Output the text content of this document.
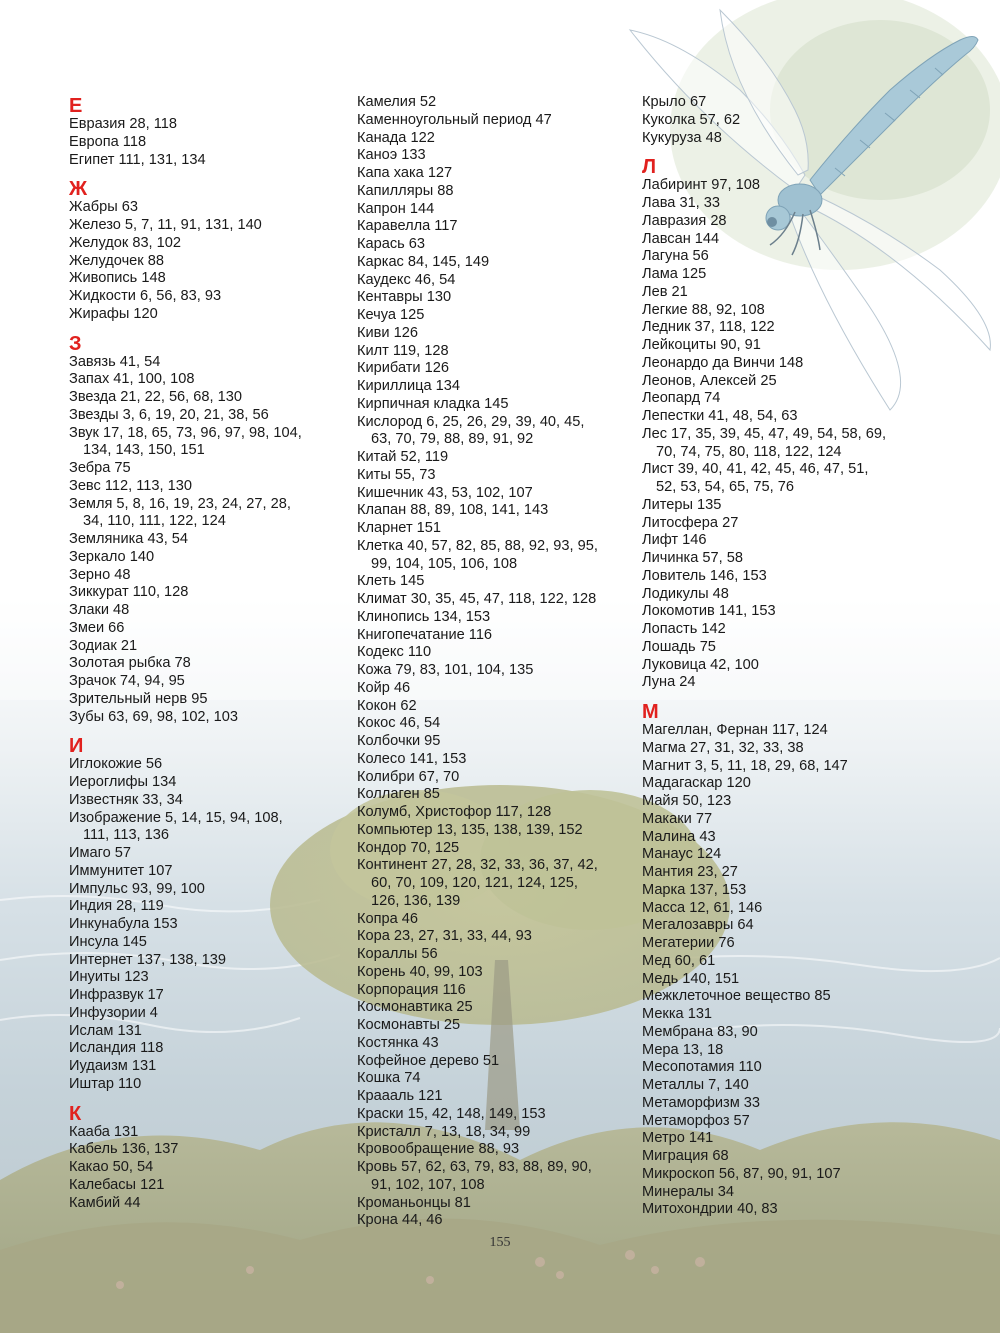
Е
Евразия 28, 118
Европа 118
Египет 111, 131, 134
Ж
Жабры 63
Железо 5, 7, 11, 91, 131, 140
Желудок 83, 102
Желудочек 88
Живопись 148
Жидкости 6, 56, 83, 93
Жирафы 120
З
Завязь 41, 54
Запах 41, 100, 108
Звезда 21, 22, 56, 68, 130
Звезды 3, 6, 19, 20, 21, 38, 56
Звук 17, 18, 65, 73, 96, 97, 98, 104,
134, 143, 150, 151
Зебра 75
Зевс 112, 113, 130
Земля 5, 8, 16, 19, 23, 24, 27, 28,
34, 110, 111, 122, 124
Земляника 43, 54
Зеркало 140
Зерно 48
Зиккурат 110, 128
Злаки 48
Змеи 66
Зодиак 21
Золотая рыбка 78
Зрачок 74, 94, 95
Зрительный нерв 95
Зубы 63, 69, 98, 102, 103
И
Иглокожие 56
Иероглифы 134
Известняк 33, 34
Изображение 5, 14, 15, 94, 108,
111, 113, 136
Имаго 57
Иммунитет 107
Импульс 93, 99, 100
Индия 28, 119
Инкунабула 153
Инсула 145
Интернет 137, 138, 139
Инуиты 123
Инфразвук 17
Инфузории 4
Ислам 131
Исландия 118
Иудаизм 131
Иштар 110
К
Кааба 131
Кабель 136, 137
Какао 50, 54
Калебасы 121
Камбий 44
Камелия 52
Каменноугольный период 47
Канада 122
Каноэ 133
Капа хака 127
Капилляры 88
Капрон 144
Каравелла 117
Карась 63
Каркас 84, 145, 149
Каудекс 46, 54
Кентавры 130
Кечуа 125
Киви 126
Килт 119, 128
Кирибати 126
Кириллица 134
Кирпичная кладка 145
Кислород 6, 25, 26, 29, 39, 40, 45,
63, 70, 79, 88, 89, 91, 92
Китай 52, 119
Киты 55, 73
Кишечник 43, 53, 102, 107
Клапан 88, 89, 108, 141, 143
Кларнет 151
Клетка 40, 57, 82, 85, 88, 92, 93, 95,
99, 104, 105, 106, 108
Клеть 145
Климат 30, 35, 45, 47, 118, 122, 128
Клинопись 134, 153
Книгопечатание 116
Кодекс 110
Кожа 79, 83, 101, 104, 135
Койр 46
Кокон 62
Кокос 46, 54
Колбочки 95
Колесо 141, 153
Колибри 67, 70
Коллаген 85
Колумб, Христофор 117, 128
Компьютер 13, 135, 138, 139, 152
Кондор 70, 125
Континент 27, 28, 32, 33, 36, 37, 42,
60, 70, 109, 120, 121, 124, 125,
126, 136, 139
Копра 46
Кора 23, 27, 31, 33, 44, 93
Кораллы 56
Корень 40, 99, 103
Корпорация 116
Космонавтика 25
Космонавты 25
Костянка 43
Кофейное дерево 51
Кошка 74
Краааль 121
Краски 15, 42, 148, 149, 153
Кристалл 7, 13, 18, 34, 99
Кровообращение 88, 93
Кровь 57, 62, 63, 79, 83, 88, 89, 90,
91, 102, 107, 108
Кроманьонцы 81
Крона 44, 46
Крыло 67
Куколка 57, 62
Кукуруза 48
Л
Лабиринт 97, 108
Лава 31, 33
Лавразия 28
Лавсан 144
Лагуна 56
Лама 125
Лев 21
Легкие 88, 92, 108
Ледник 37, 118, 122
Лейкоциты 90, 91
Леонардо да Винчи 148
Леонов, Алексей 25
Леопард 74
Лепестки 41, 48, 54, 63
Лес 17, 35, 39, 45, 47, 49, 54, 58, 69,
70, 74, 75, 80, 118, 122, 124
Лист 39, 40, 41, 42, 45, 46, 47, 51,
52, 53, 54, 65, 75, 76
Литеры 135
Литосфера 27
Лифт 146
Личинка 57, 58
Ловитель 146, 153
Лодикулы 48
Локомотив 141, 153
Лопасть 142
Лошадь 75
Луковица 42, 100
Луна 24
М
Магеллан, Фернан 117, 124
Магма 27, 31, 32, 33, 38
Магнит 3, 5, 11, 18, 29, 68, 147
Мадагаскар 120
Майя 50, 123
Макаки 77
Малина 43
Манаус 124
Мантия 23, 27
Марка 137, 153
Масса 12, 61, 146
Мегалозавры 64
Мегатерии 76
Мед 60, 61
Медь 140, 151
Межклеточное вещество 85
Мекка 131
Мембрана 83, 90
Мера 13, 18
Месопотамия 110
Металлы 7, 140
Метаморфизм 33
Метаморфоз 57
Метро 141
Миграция 68
Микроскоп 56, 87, 90, 91, 107
Минералы 34
Митохондрии 40, 83
155
